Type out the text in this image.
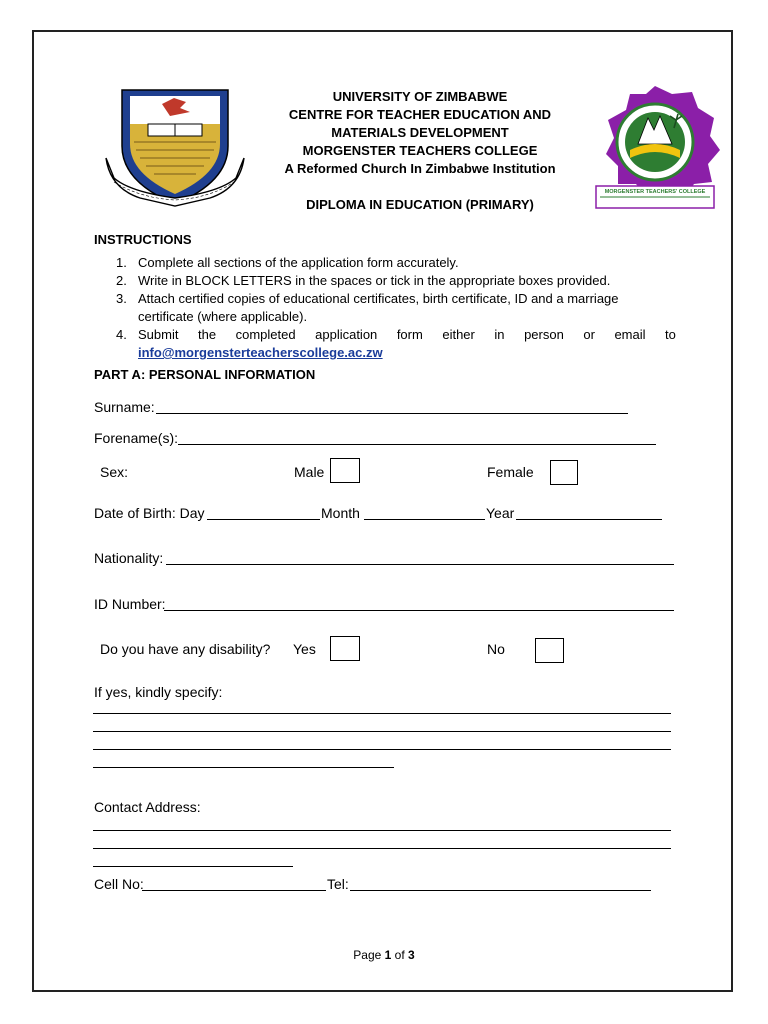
UNIVERSITY OF ZIMBABWE
CENTRE FOR TEACHER EDUCATION AND
MATERIALS DEVELOPMENT
MORGENSTER TEACHERS COLLEGE
A Reformed Church In Zimbabwe Institution
DIPLOMA IN EDUCATION (PRIMARY)
MORGENSTER TEACHERS' COLLEGE
INSTRUCTIONS
1. Complete all sections of the application form accurately.
2. Write in BLOCK LETTERS in the spaces or tick in the appropriate boxes provided.
3. Attach certified copies of educational certificates, birth certificate, ID and a marriage
certificate (where applicable).
4. Submit the completed application form either in person or email to
info@morgensterteacherscollege.ac.zw
PART A: PERSONAL INFORMATION
Surname:
Forename(s):
Sex:	Male	Female
Date of Birth: Day	Month	Year
Nationality:
ID Number:
Do you have any disability? Yes	No
If yes, kindly specify:
Contact Address:
Cell No:	Tel:
Page 1 of 3
